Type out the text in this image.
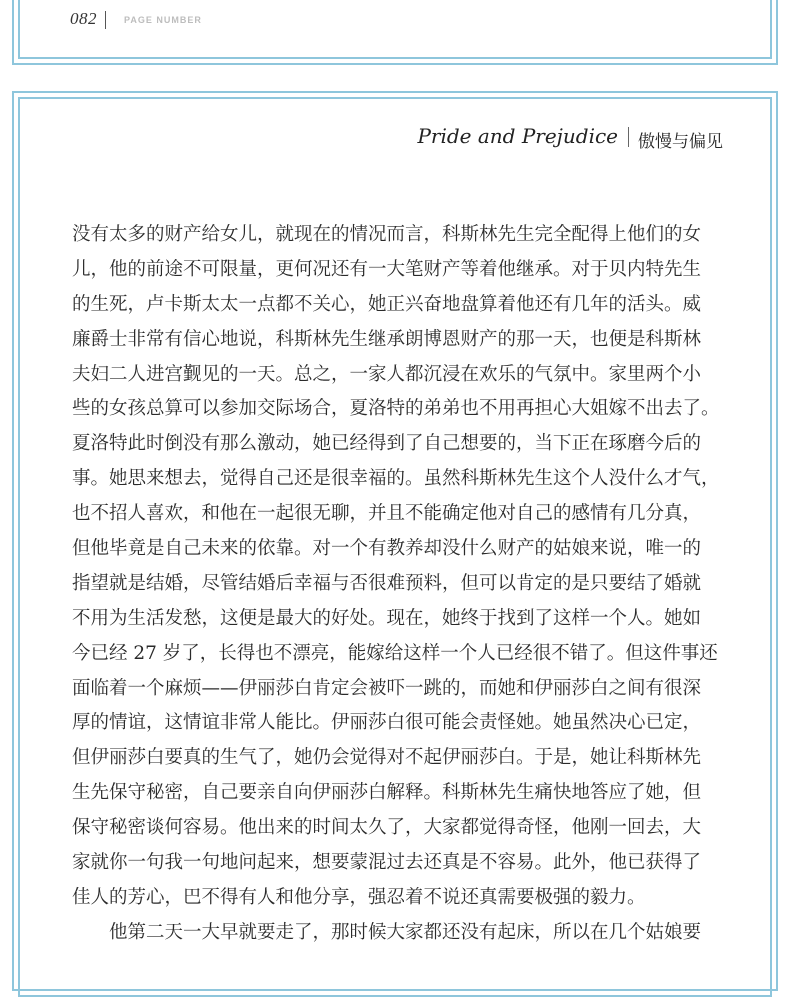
082	PAGE NUMBER
Pride and Prejudice 傲慢与偏见
没有太多的财产给女儿，就现在的情况而言，科斯林先生完全配得上他们的女
儿，他的前途不可限量，更何况还有一大笔财产等着他继承。对于贝内特先生
的生死，卢卡斯太太一点都不关心，她正兴奋地盘算着他还有几年的活头。威
廉爵士非常有信心地说，科斯林先生继承朗博恩财产的那一天，也便是科斯林
夫妇二人进宫觐见的一天。总之，一家人都沉浸在欢乐的气氛中。家里两个小
些的女孩总算可以参加交际场合，夏洛特的弟弟也不用再担心大姐嫁不出去了。
夏洛特此时倒没有那么激动，她已经得到了自己想要的，当下正在琢磨今后的
事。她思来想去，觉得自己还是很幸福的。虽然科斯林先生这个人没什么才气，
也不招人喜欢，和他在一起很无聊，并且不能确定他对自己的感情有几分真，
但他毕竟是自己未来的依靠。对一个有教养却没什么财产的姑娘来说，唯一的
指望就是结婚，尽管结婚后幸福与否很难预料，但可以肯定的是只要结了婚就
不用为生活发愁，这便是最大的好处。现在，她终于找到了这样一个人。她如
今已经 27 岁了，长得也不漂亮，能嫁给这样一个人已经很不错了。但这件事还
面临着一个麻烦——伊丽莎白肯定会被吓一跳的，而她和伊丽莎白之间有很深
厚的情谊，这情谊非常人能比。伊丽莎白很可能会责怪她。她虽然决心已定，
但伊丽莎白要真的生气了，她仍会觉得对不起伊丽莎白。于是，她让科斯林先
生先保守秘密，自己要亲自向伊丽莎白解释。科斯林先生痛快地答应了她，但
保守秘密谈何容易。他出来的时间太久了，大家都觉得奇怪，他刚一回去，大
家就你一句我一句地问起来，想要蒙混过去还真是不容易。此外，他已获得了
佳人的芳心，巴不得有人和他分享，强忍着不说还真需要极强的毅力。
他第二天一大早就要走了，那时候大家都还没有起床，所以在几个姑娘要
